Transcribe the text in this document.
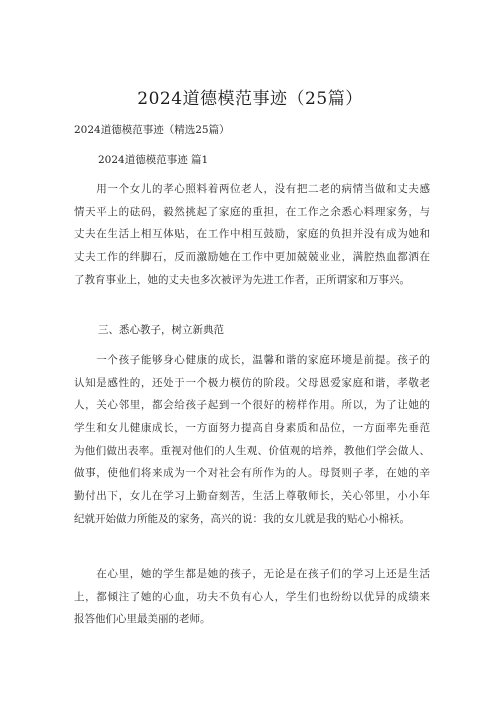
2024道德模范事迹（25篇）
2024道德模范事迹（精选25篇）
2024道德模范事迹 篇1
　　用一个女儿的孝心照料着两位老人，没有把二老的病情当做和丈夫感
情天平上的砝码，毅然挑起了家庭的重担，在工作之余悉心料理家务，与
丈夫在生活上相互体贴，在工作中相互鼓励，家庭的负担并没有成为她和
丈夫工作的绊脚石，反而激励她在工作中更加兢兢业业，满腔热血都洒在
了教育事业上，她的丈夫也多次被评为先进工作者，正所谓家和万事兴。
三、悉心教子，树立新典范
　　一个孩子能够身心健康的成长，温馨和谐的家庭环境是前提。孩子的
认知是感性的，还处于一个极力模仿的阶段。父母恩爱家庭和谐，孝敬老
人，关心邻里，都会给孩子起到一个很好的榜样作用。所以，为了让她的
学生和女儿健康成长，一方面努力提高自身素质和品位，一方面率先垂范
为他们做出表率。重视对他们的人生观、价值观的培养，教他们学会做人、
做事，使他们将来成为一个对社会有所作为的人。母贤则子孝，在她的辛
勤付出下，女儿在学习上勤奋刻苦，生活上尊敬师长，关心邻里，小小年
纪就开始做力所能及的家务，高兴的说：我的女儿就是我的贴心小棉袄。
　　在心里，她的学生都是她的孩子，无论是在孩子们的学习上还是生活
上，都倾注了她的心血，功夫不负有心人，学生们也纷纷以优异的成绩来
报答他们心里最美丽的老师。
